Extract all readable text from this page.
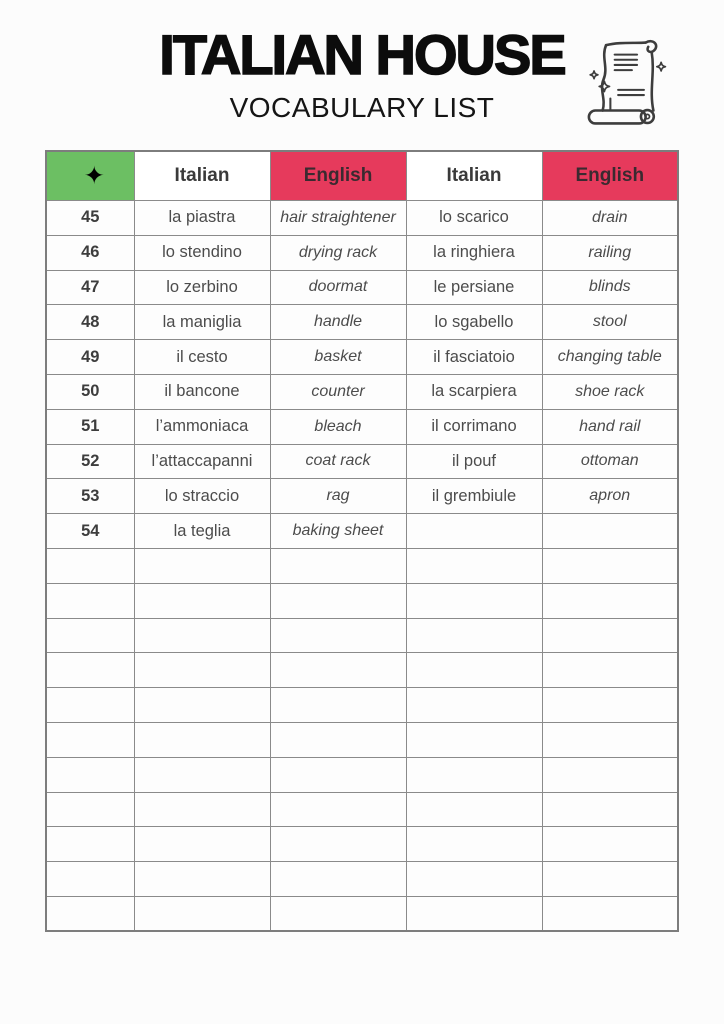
ITALIAN HOUSE
VOCABULARY LIST
✦	Italian	English	Italian	English
45	la piastra	hair straightener	lo scarico	drain
46	lo stendino	drying rack	la ringhiera	railing
47	lo zerbino	doormat	le persiane	blinds
48	la maniglia	handle	lo sgabello	stool
49	il cesto	basket	il fasciatoio	changing table
50	il bancone	counter	la scarpiera	shoe rack
51	l’ammoniaca	bleach	il corrimano	hand rail
52	l’attaccapanni	coat rack	il pouf	ottoman
53	lo straccio	rag	il grembiule	apron
54	la teglia	baking sheet		
